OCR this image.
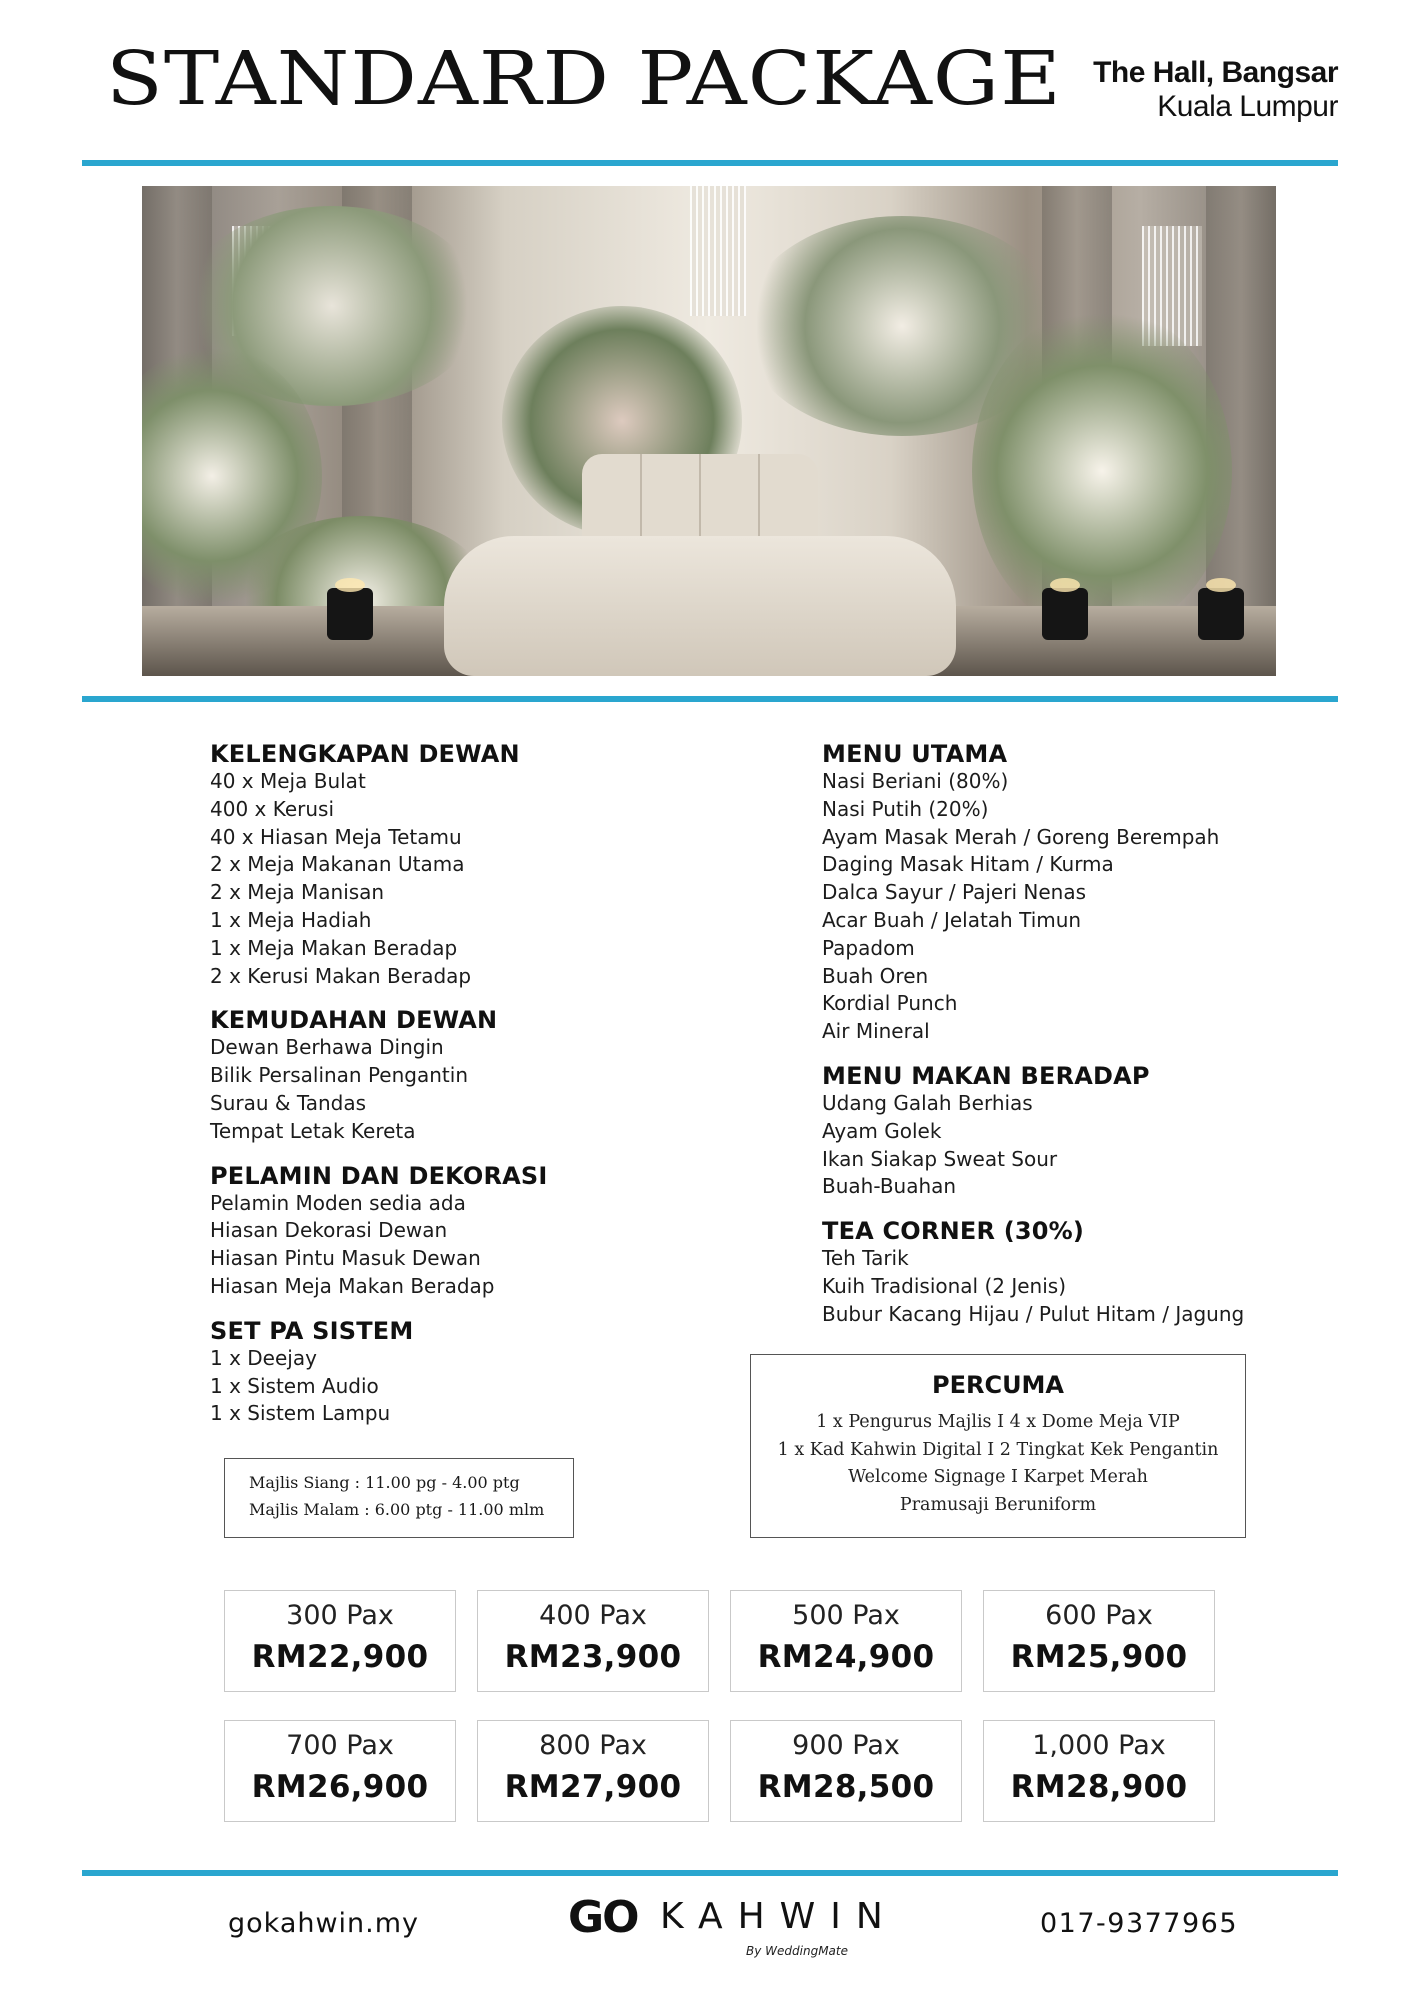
STANDARD PACKAGE The Hall, Bangsar
Kuala Lumpur
KELENGKAPAN DEWAN
40 x Meja Bulat
400 x Kerusi
40 x Hiasan Meja Tetamu
2 x Meja Makanan Utama
2 x Meja Manisan
1 x Meja Hadiah
1 x Meja Makan Beradap
2 x Kerusi Makan Beradap
KEMUDAHAN DEWAN
Dewan Berhawa Dingin
Bilik Persalinan Pengantin
Surau & Tandas
Tempat Letak Kereta
PELAMIN DAN DEKORASI
Pelamin Moden sedia ada
Hiasan Dekorasi Dewan
Hiasan Pintu Masuk Dewan
Hiasan Meja Makan Beradap
SET PA SISTEM
1 x Deejay
1 x Sistem Audio
1 x Sistem Lampu
MENU UTAMA
Nasi Beriani (80%)
Nasi Putih (20%)
Ayam Masak Merah / Goreng Berempah
Daging Masak Hitam / Kurma
Dalca Sayur / Pajeri Nenas
Acar Buah / Jelatah Timun
Papadom
Buah Oren
Kordial Punch
Air Mineral
MENU MAKAN BERADAP
Udang Galah Berhias
Ayam Golek
Ikan Siakap Sweat Sour
Buah-Buahan
TEA CORNER (30%)
Teh Tarik
Kuih Tradisional (2 Jenis)
Bubur Kacang Hijau / Pulut Hitam / Jagung
Majlis Siang : 11.00 pg - 4.00 ptg
Majlis Malam : 6.00 ptg - 11.00 mlm
PERCUMA
1 x Pengurus Majlis I 4 x Dome Meja VIP
1 x Kad Kahwin Digital I 2 Tingkat Kek Pengantin
Welcome Signage I Karpet Merah
Pramusaji Beruniform
300 Pax
RM22,900
400 Pax
RM23,900
500 Pax
RM24,900
600 Pax
RM25,900
700 Pax
RM26,900
800 Pax
RM27,900
900 Pax
RM28,500
1,000 Pax
RM28,900
gokahwin.my	GO KAHWIN
By WeddingMate
017-9377965
